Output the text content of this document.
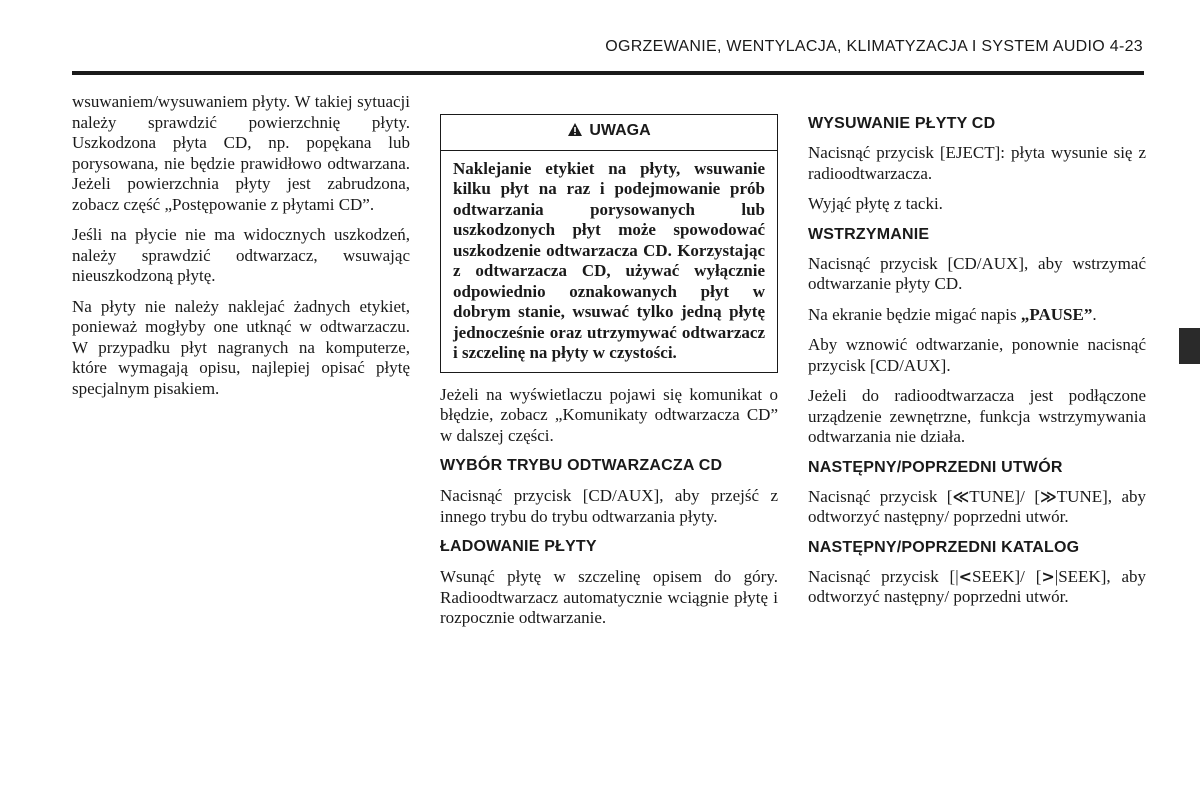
OGRZEWANIE, WENTYLACJA, KLIMATYZACJA I SYSTEM AUDIO 4-23

wsuwaniem/wysuwaniem płyty. W takiej sytuacji należy sprawdzić powierzchnię płyty. Uszkodzona płyta CD, np. popękana lub porysowana, nie będzie prawidłowo odtwarzana. Jeżeli powierzchnia płyty jest zabrudzona, zobacz część „Postępowanie z płytami CD”.

Jeśli na płycie nie ma widocznych uszkodzeń, należy sprawdzić odtwarzacz, wsuwając nieuszkodzoną płytę.

Na płyty nie należy naklejać żadnych etykiet, ponieważ mogłyby one utknąć w odtwarzaczu. W przypadku płyt nagranych na komputerze, które wymagają opisu, najlepiej opisać płytę specjalnym pisakiem.

UWAGA
Naklejanie etykiet na płyty, wsuwanie kilku płyt na raz i podejmowanie prób odtwarzania porysowanych lub uszkodzonych płyt może spowodować uszkodzenie odtwarzacza CD. Korzystając z odtwarzacza CD, używać wyłącznie odpowiednio oznakowanych płyt w dobrym stanie, wsuwać tylko jedną płytę jednocześnie oraz utrzymywać odtwarzacz i szczelinę na płyty w czystości.

Jeżeli na wyświetlaczu pojawi się komunikat o błędzie, zobacz „Komunikaty odtwarzacza CD” w dalszej części.

WYBÓR TRYBU ODTWARZACZA CD

Nacisnąć przycisk [CD/AUX], aby przejść z innego trybu do trybu odtwarzania płyty.

ŁADOWANIE PŁYTY

Wsunąć płytę w szczelinę opisem do góry. Radioodtwarzacz automatycznie wciągnie płytę i rozpocznie odtwarzanie.

WYSUWANIE PŁYTY CD

Nacisnąć przycisk [EJECT]: płyta wysunie się z radioodtwarzacza.

Wyjąć płytę z tacki.

WSTRZYMANIE

Nacisnąć przycisk [CD/AUX], aby wstrzymać odtwarzanie płyty CD.

Na ekranie będzie migać napis „PAUSE”.

Aby wznowić odtwarzanie, ponownie nacisnąć przycisk [CD/AUX].

Jeżeli do radioodtwarzacza jest podłączone urządzenie zewnętrzne, funkcja wstrzymywania odtwarzania nie działa.

NASTĘPNY/POPRZEDNI UTWÓR

Nacisnąć przycisk [≪TUNE]/ [≫TUNE], aby odtworzyć następny/ poprzedni utwór.

NASTĘPNY/POPRZEDNI KATALOG

Nacisnąć przycisk [|<SEEK]/ [>|SEEK], aby odtworzyć następny/ poprzedni utwór.
